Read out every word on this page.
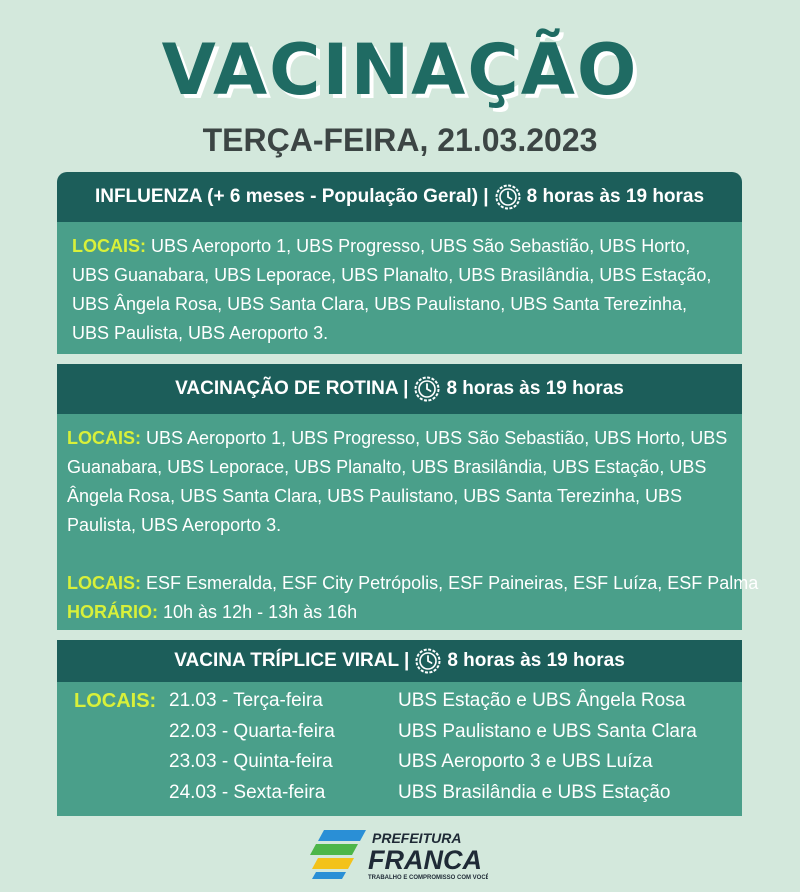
VACINAÇÃO
TERÇA-FEIRA, 21.03.2023
INFLUENZA (+ 6 meses - População Geral) | 8 horas às 19 horas
LOCAIS: UBS Aeroporto 1, UBS Progresso, UBS São Sebastião, UBS Horto, UBS Guanabara, UBS Leporace, UBS Planalto, UBS Brasilândia, UBS Estação, UBS Ângela Rosa, UBS Santa Clara, UBS Paulistano, UBS Santa Terezinha, UBS Paulista, UBS Aeroporto 3.
VACINAÇÃO DE ROTINA | 8 horas às 19 horas
LOCAIS: UBS Aeroporto 1, UBS Progresso, UBS São Sebastião, UBS Horto, UBS Guanabara, UBS Leporace, UBS Planalto, UBS Brasilândia, UBS Estação, UBS Ângela Rosa, UBS Santa Clara, UBS Paulistano, UBS Santa Terezinha, UBS Paulista, UBS Aeroporto 3.
LOCAIS: ESF Esmeralda, ESF City Petrópolis, ESF Paineiras, ESF Luíza, ESF Palma
HORÁRIO: 10h às 12h - 13h às 16h
VACINA TRÍPLICE VIRAL | 8 horas às 19 horas
LOCAIS: 21.03 - Terça-feira	UBS Estação e UBS Ângela Rosa
22.03 - Quarta-feira	UBS Paulistano e UBS Santa Clara
23.03 - Quinta-feira	UBS Aeroporto 3 e UBS Luíza
24.03 - Sexta-feira	UBS Brasilândia e UBS Estação
PREFEITURA
FRANCA
TRABALHO E COMPROMISSO COM VOCÊ
